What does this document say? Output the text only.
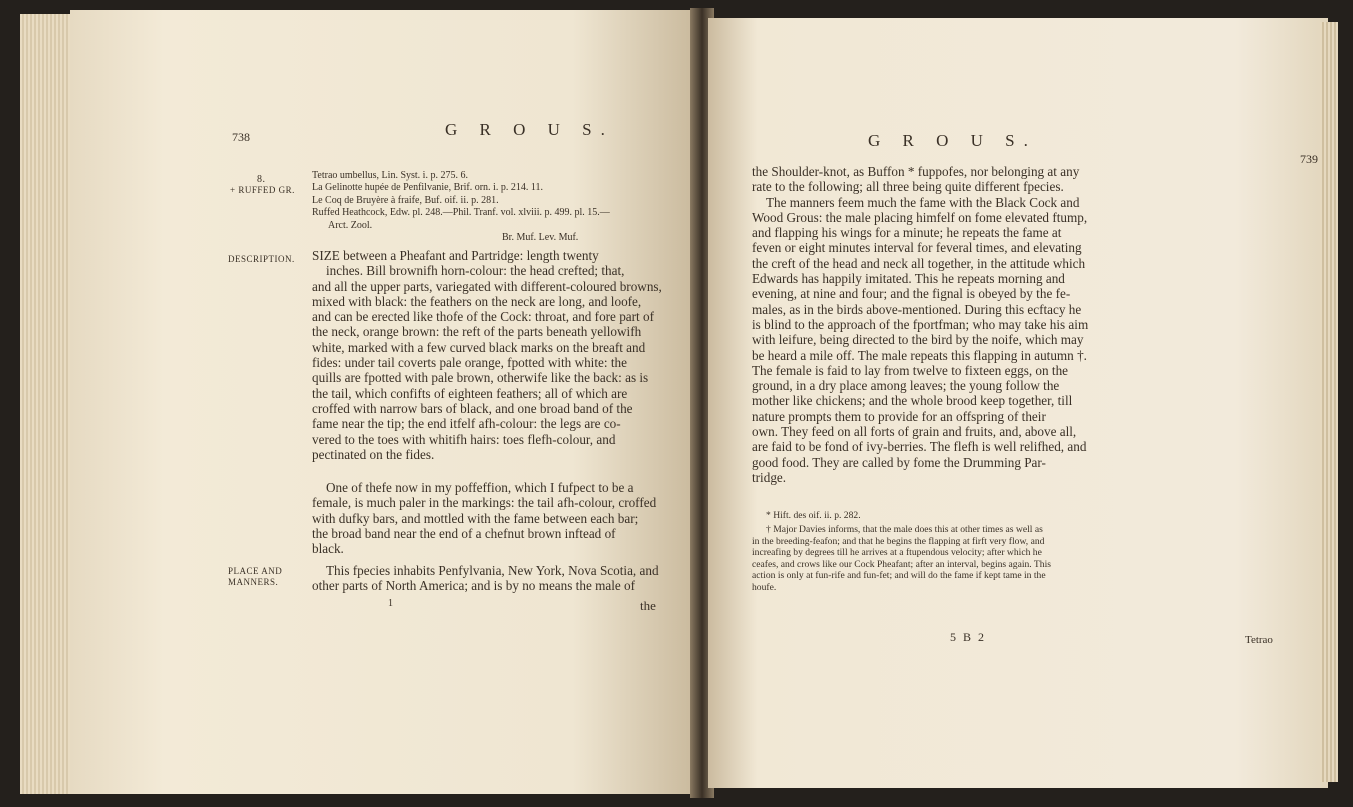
738	G R O U S.
8.
+ RUFFED GR.
Tetrao umbellus, Lin. Syst. i. p. 275. 6.
La Gelinotte hupée de Penfilvanie, Brif. orn. i. p. 214. 11.
Le Coq de Bruyère à fraife, Buf. oif. ii. p. 281.
Ruffed Heathcock, Edw. pl. 248.—Phil. Tranf. vol. xlviii. p. 499. pl. 15.—
Arct. Zool.
Br. Muf. Lev. Muf.
DESCRIPTION. SIZE between a Pheafant and Partridge: length twenty
inches. Bill brownifh horn-colour: the head crefted; that,
and all the upper parts, variegated with different-coloured browns,
mixed with black: the feathers on the neck are long, and loofe,
and can be erected like thofe of the Cock: throat, and fore part of
the neck, orange brown: the reft of the parts beneath yellowifh
white, marked with a few curved black marks on the breaft and
fides: under tail coverts pale orange, fpotted with white: the
quills are fpotted with pale brown, otherwife like the back: as is
the tail, which confifts of eighteen feathers; all of which are
croffed with narrow bars of black, and one broad band of the
fame near the tip; the end itfelf afh-colour: the legs are co-
vered to the toes with whitifh hairs: toes flefh-colour, and
pectinated on the fides.
One of thefe now in my poffeffion, which I fufpect to be a
female, is much paler in the markings: the tail afh-colour, croffed
with dufky bars, and mottled with the fame between each bar;
the broad band near the end of a chefnut brown inftead of
black.
PLACE AND
MANNERS.
This fpecies inhabits Penfylvania, New York, Nova Scotia, and
other parts of North America; and is by no means the male of
1	the
G R O U S.
739
the Shoulder-knot, as Buffon * fuppofes, nor belonging at any
rate to the following; all three being quite different fpecies.
The manners feem much the fame with the Black Cock and
Wood Grous: the male placing himfelf on fome elevated ftump,
and flapping his wings for a minute; he repeats the fame at
feven or eight minutes interval for feveral times, and elevating
the creft of the head and neck all together, in the attitude which
Edwards has happily imitated. This he repeats morning and
evening, at nine and four; and the fignal is obeyed by the fe-
males, as in the birds above-mentioned. During this ecftacy he
is blind to the approach of the fportfman; who may take his aim
with leifure, being directed to the bird by the noife, which may
be heard a mile off. The male repeats this flapping in autumn †.
The female is faid to lay from twelve to fixteen eggs, on the
ground, in a dry place among leaves; the young follow the
mother like chickens; and the whole brood keep together, till
nature prompts them to provide for an offspring of their
own. They feed on all forts of grain and fruits, and, above all,
are faid to be fond of ivy-berries. The flefh is well relifhed, and
good food. They are called by fome the Drumming Par-
tridge.
* Hift. des oif. ii. p. 282.
† Major Davies informs, that the male does this at other times as well as
in the breeding-feafon; and that he begins the flapping at firft very flow, and
increafing by degrees till he arrives at a ftupendous velocity; after which he
ceafes, and crows like our Cock Pheafant; after an interval, begins again. This
action is only at fun-rife and fun-fet; and will do the fame if kept tame in the
houfe.
5 B 2	Tetrao
